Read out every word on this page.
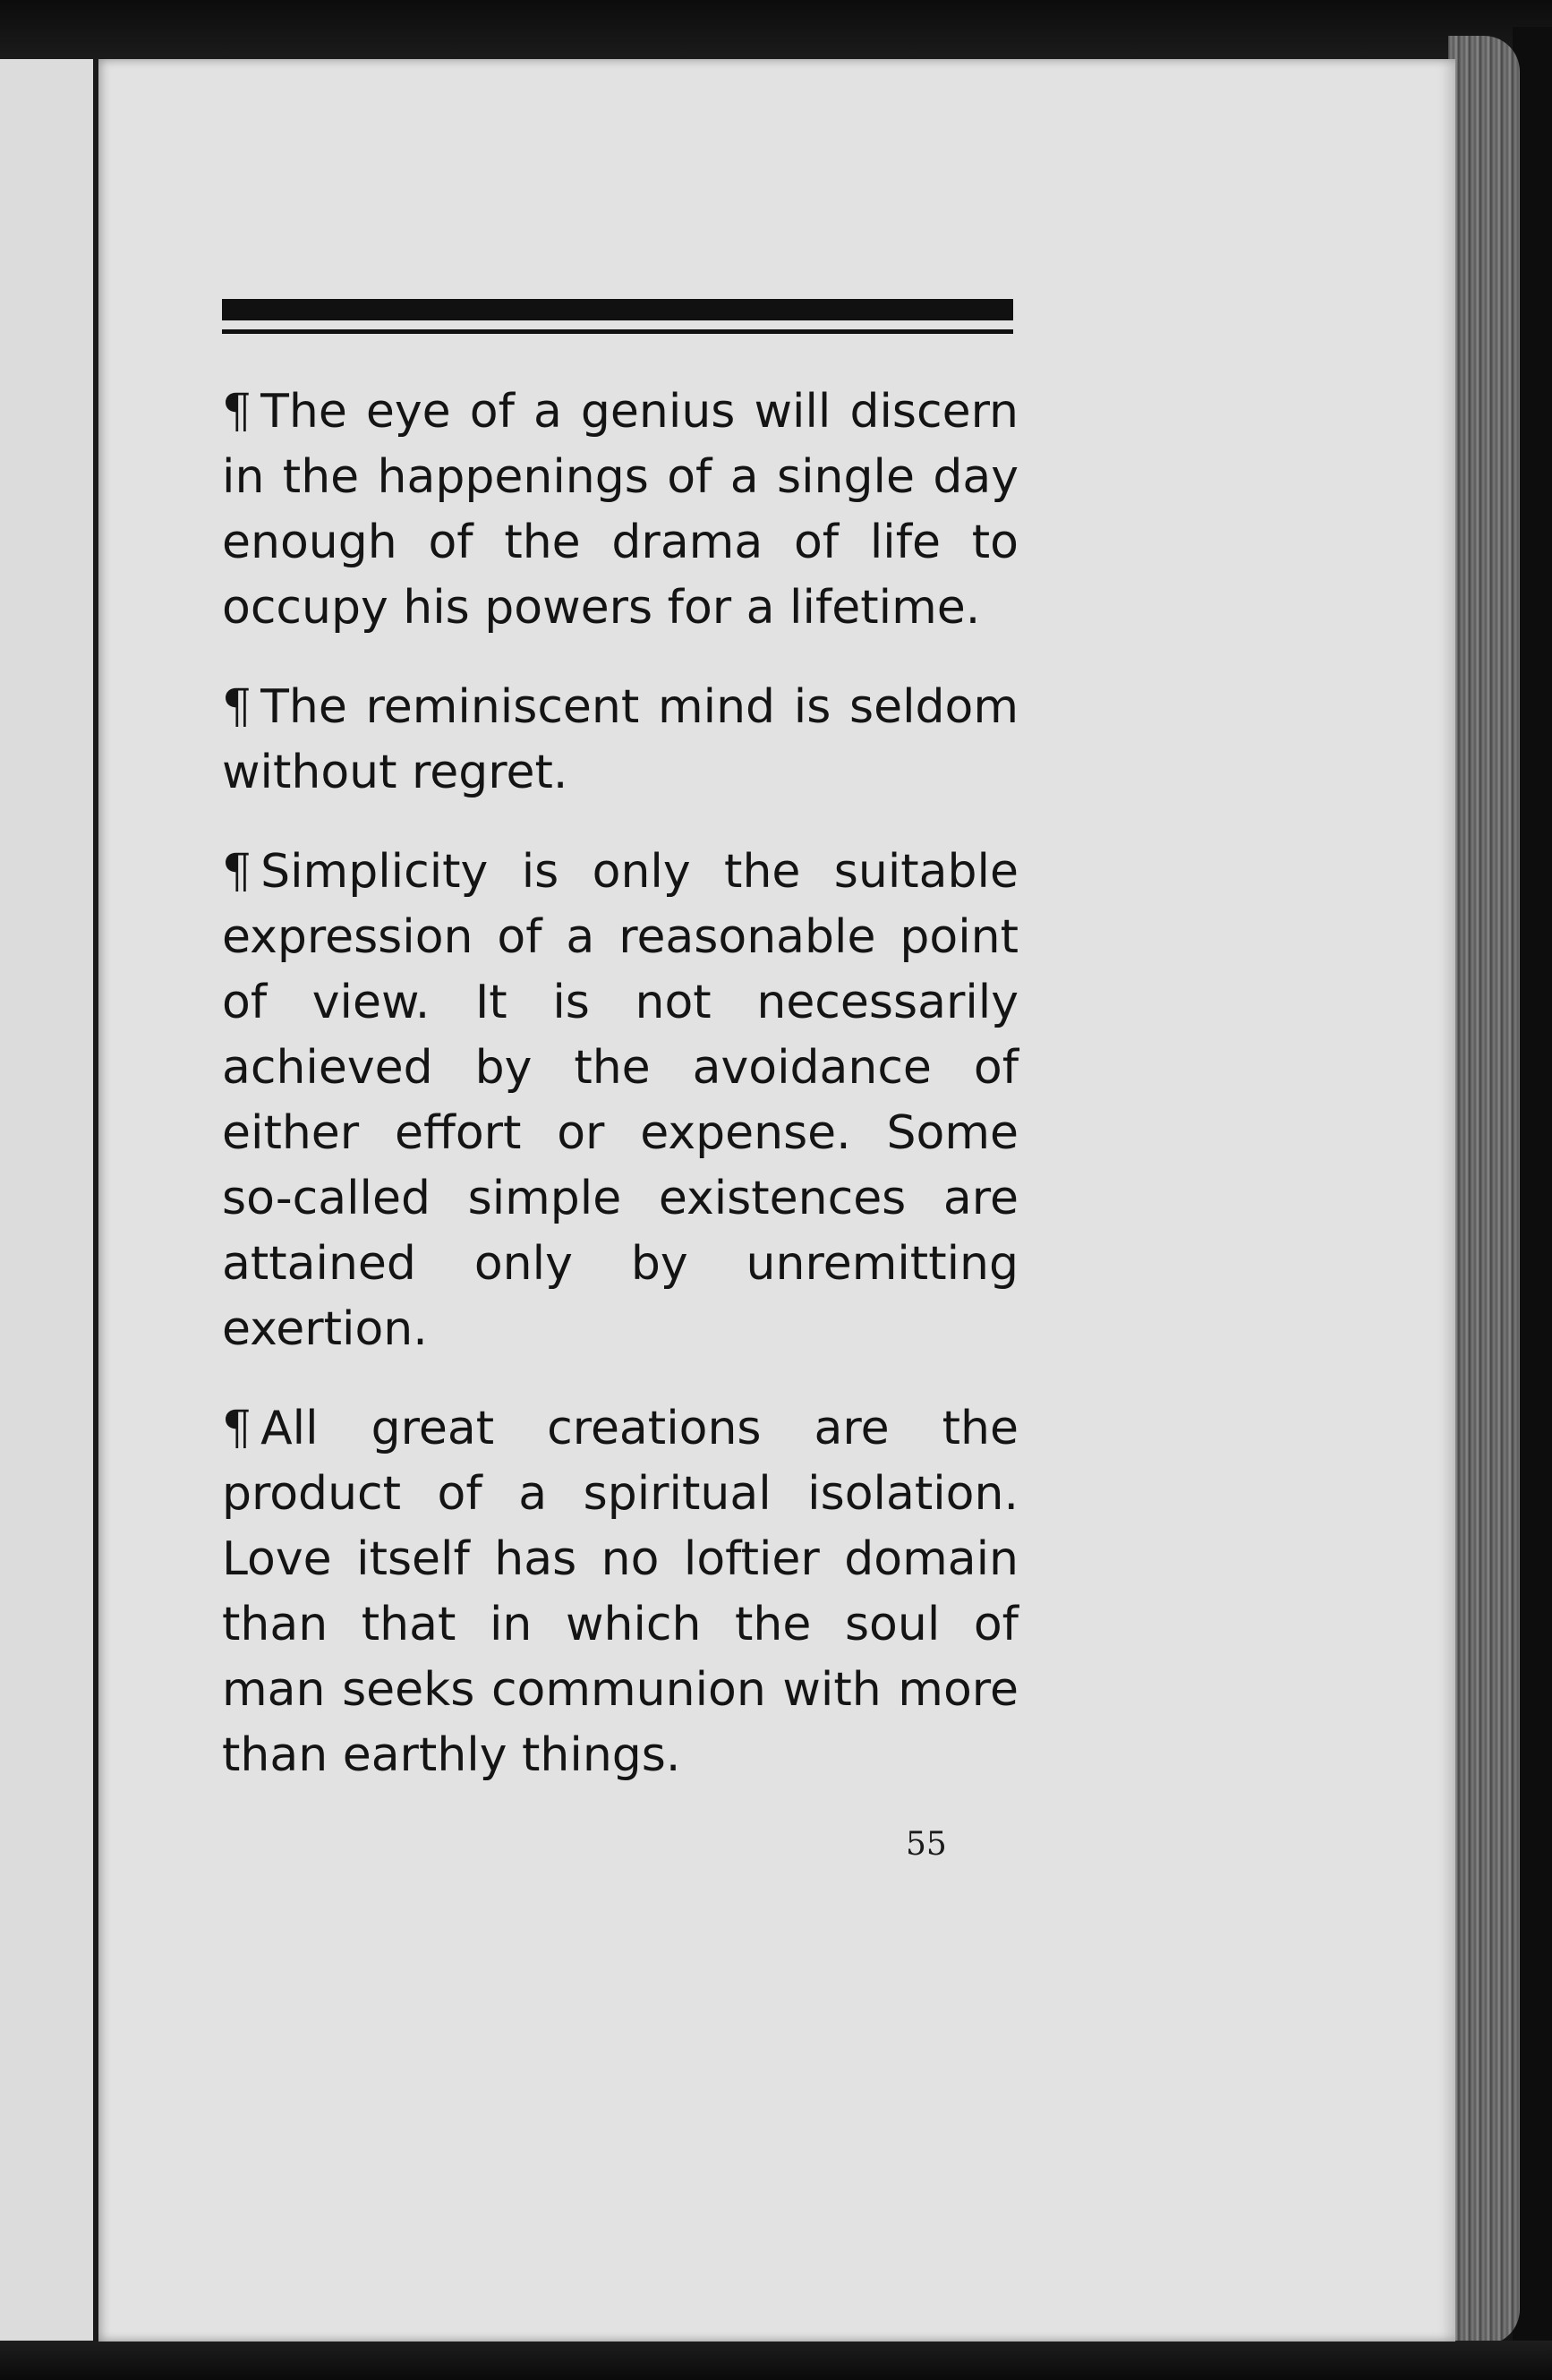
¶ The eye of a genius will discern in the happenings of a single day enough of the drama of life to occupy his powers for a lifetime.

¶ The reminiscent mind is seldom without regret.

¶ Simplicity is only the suitable expression of a reasonable point of view. It is not necessarily achieved by the avoidance of either effort or expense. Some so-called simple existences are attained only by unremitting exertion.

¶ All great creations are the product of a spiritual isolation. Love itself has no loftier domain than that in which the soul of man seeks communion with more than earthly things.

55
